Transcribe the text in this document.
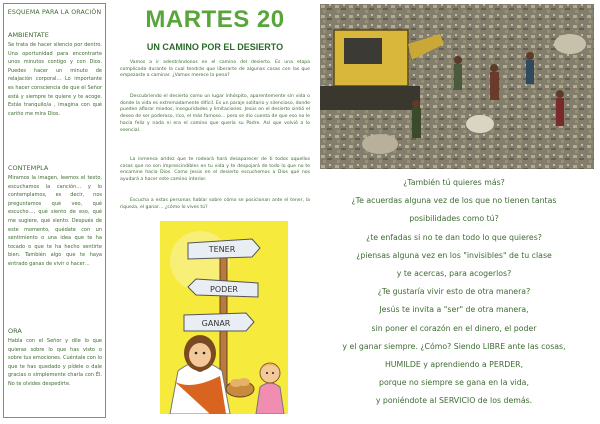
ESQUEMA PARA LA ORACIÓN
AMBIENTATE
Se trata de hacer silencio por dentro. Una oportunidad para encontrarte unos minutos contigo y con Dios. Puedes hacer un minuto de relajación corporal… Lo importante es hacer consciencia de que el Señor está y siempre te quiere y te acoge. Estás tranquilo/a , imagina con qué cariño me mira Dios.
CONTEMPLA
Miramos la imagen, leemos el texto, escuchamos la canción… y lo contemplamos, es decir, nos preguntamos qué veo, qué escucho…, qué siento de eso, qué me sugiere, qué siento. Después de este momento, quédate con un sentimiento o una idea que te ha tocado o que te ha hecho sentirte bien. También algo que te haya entrado ganas de vivir o hacer…
ORA
Habla con el Señor y dile lo que quieras sobre lo que has visto o sobre tus emociones. Cuéntale con lo que te has quedado y pídele o dale gracias o simplemente charla con Él. No te olvides despedirte.
MARTES 20
UN CAMINO POR EL DESIERTO
Vamos a ir adentrándonos en el camino del desierto. Es una etapa complicada durante la cual tendrás que liberarte de algunas cosas con las que empezaste a caminar. ¿Vamos merece la pena?
Descubriendo el desierto como un lugar inhóspito, aparentemente sin vida o donde la vida es extremadamente difícil. Es un paraje solitario y silencioso, donde pueden aflorar miedos, inseguridades y limitaciones. Jesús en el desierto sintió el deseo de ser poderoso, rico, el más famoso… pero se dio cuenta de que eso no le hacía feliz y nada ni era el camino que quería su Padre. Así que volvió a lo esencial.
La inmensa aridez que te rodeará hará desaparecer de ti todos aquellos cosas que no son imprescindibles en tu vida y te despojará de todo lo que no te encamine hacia Dios. Como Jesús en el desierto escuchemos a Dios qué nos ayudará a hacer este camino interior.
Escucha a estas personas hablar sobre cómo se posicionan ante el tener, la riqueza, el ganar… ¿cómo lo vives tú?
TENER
PODER
GANAR
¿También tú quieres más?
¿Te acuerdas alguna vez de los que no tienen tantas
posibilidades como tú?
¿te enfadas si no te dan todo lo que quieres?
¿piensas alguna vez en los "invisibles" de tu clase
y te acercas, para acogerlos?
¿Te gustaría vivir esto de otra manera?
Jesús te invita a "ser" de otra manera,
sin poner el corazón en el dinero, el poder
y el ganar siempre. ¿Cómo? Siendo LIBRE ante las cosas,
HUMILDE y aprendiendo a PERDER,
porque no siempre se gana en la vida,
y poniéndote al SERVICIO de los demás.
